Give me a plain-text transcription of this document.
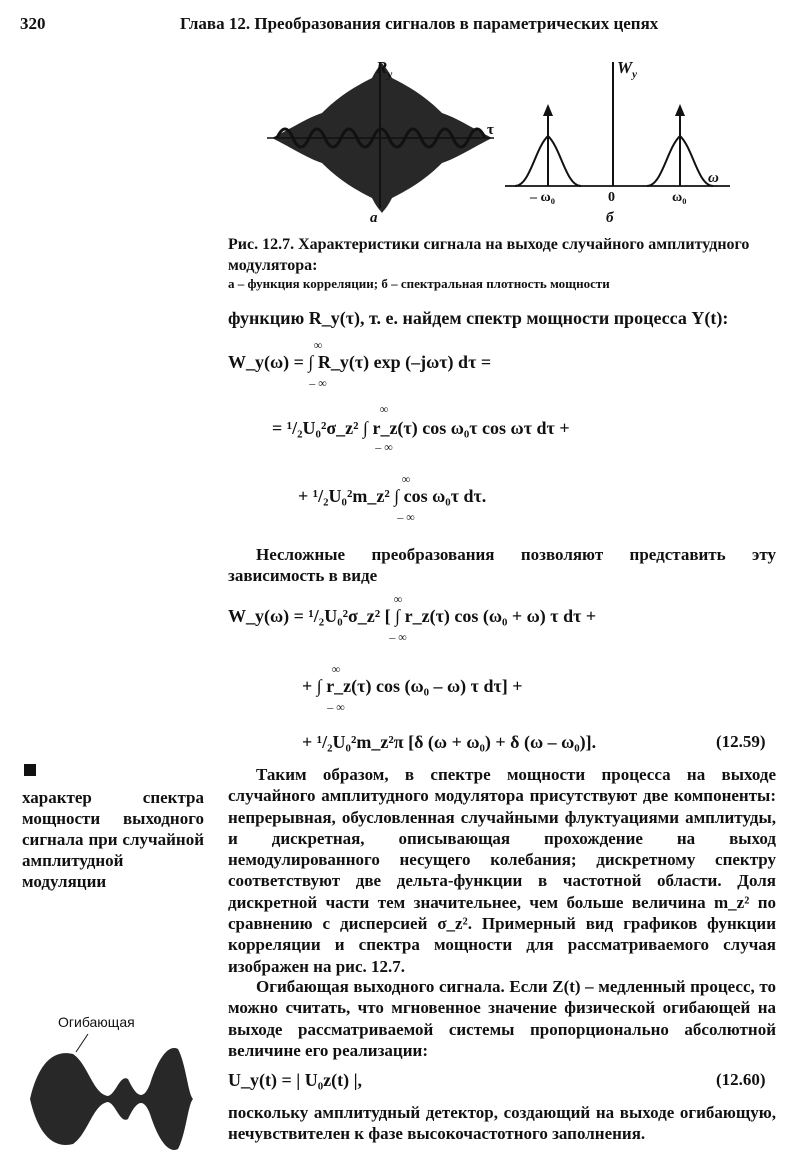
320	Глава 12. Преобразования сигналов в параметрических цепях
$R_y$
τ
а
$W_y$
ω
– ω₀	0	ω₀
б
Рис. 12.7. Характеристики сигнала на выходе случайного амплитудного модулятора:
а – функция корреляции; б – спектральная плотность мощности
функцию R_y(τ), т. е. найдем спектр мощности процесса Y(t):
W_y(ω) = ∫ R_y(τ) exp (–jωτ) dτ =
∞
– ∞
= ¹/₂U₀²σ_z² ∫ r_z(τ) cos ω₀τ cos ωτ dτ +
∞
– ∞
+ ¹/₂U₀²m_z² ∫ cos ω₀τ dτ.
∞
– ∞
Несложные преобразования позволяют представить эту зависимость в виде
W_y(ω) = ¹/₂U₀²σ_z² [ ∫ r_z(τ) cos (ω₀ + ω) τ dτ +
∞
– ∞
+ ∫ r_z(τ) cos (ω₀ – ω) τ dτ] +
∞
– ∞
+ ¹/₂U₀²m_z²π [δ (ω + ω₀) + δ (ω – ω₀)].	(12.59)
Таким образом, в спектре мощности процесса на выходе случайного амплитудного модулятора присутствуют две компоненты: непрерывная, обусловленная случайными флуктуациями амплитуды, и дискретная, описывающая прохождение на выход немодулированного несущего колебания; дискретному спектру соответствуют две дельта-функции в частотной области. Доля дискретной части тем значительнее, чем больше величина m_z² по сравнению с дисперсией σ_z². Примерный вид графиков функции корреляции и спектра мощности для рассматриваемого случая изображен на рис. 12.7.
Огибающая выходного сигнала. Если Z(t) – медленный процесс, то можно считать, что мгновенное значение физической огибающей на выходе рассматриваемой системы пропорционально абсолютной величине его реализации:
U_y(t) = | U₀z(t) |,	(12.60)
поскольку амплитудный детектор, создающий на выходе огибающую, нечувствителен к фазе высокочастотного заполнения.
характер спектра мощности выходного сигнала при случайной амплитудной модуляции
Огибающая
